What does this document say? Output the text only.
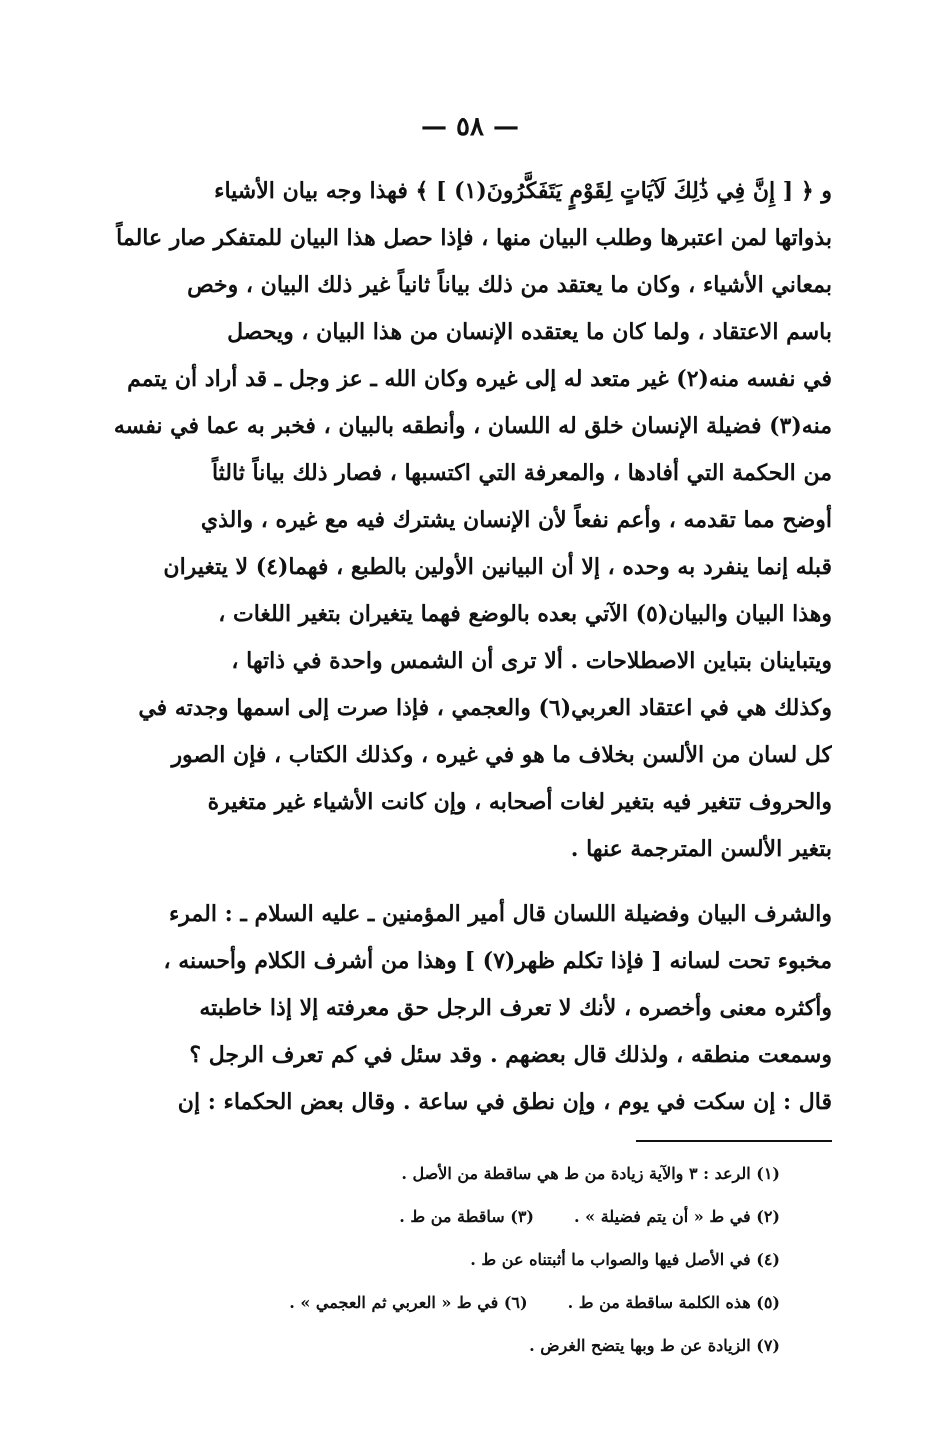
— ٥٨ —
و ﴿ [ إِنَّ فِي ذَٰلِكَ لَآيَاتٍ لِقَوْمٍ يَتَفَكَّرُونَ(١) ] ﴾ فهذا وجه بيان الأشياء
بذواتها لمن اعتبرها وطلب البيان منها ، فإذا حصل هذا البيان للمتفكر صار عالماً
بمعاني الأشياء ، وكان ما يعتقد من ذلك بياناً ثانياً غير ذلك البيان ، وخص
باسم الاعتقاد ، ولما كان ما يعتقده الإنسان من هذا البيان ، ويحصل
في نفسه منه(٢) غير متعد له إلى غيره وكان الله ـ عز وجل ـ قد أراد أن يتمم
منه(٣) فضيلة الإنسان خلق له اللسان ، وأنطقه بالبيان ، فخبر به عما في نفسه
من الحكمة التي أفادها ، والمعرفة التي اكتسبها ، فصار ذلك بياناً ثالثاً
أوضح مما تقدمه ، وأعم نفعاً لأن الإنسان يشترك فيه مع غيره ، والذي
قبله إنما ينفرد به وحده ، إلا أن البيانين الأولين بالطبع ، فهما(٤) لا يتغيران
وهذا البيان والبيان(٥) الآتي بعده بالوضع فهما يتغيران بتغير اللغات ،
ويتباينان بتباين الاصطلاحات . ألا ترى أن الشمس واحدة في ذاتها ،
وكذلك هي في اعتقاد العربي(٦) والعجمي ، فإذا صرت إلى اسمها وجدته في
كل لسان من الألسن بخلاف ما هو في غيره ، وكذلك الكتاب ، فإن الصور
والحروف تتغير فيه بتغير لغات أصحابه ، وإن كانت الأشياء غير متغيرة
بتغير الألسن المترجمة عنها .
والشرف البيان وفضيلة اللسان قال أمير المؤمنين ـ عليه السلام ـ : المرء
مخبوء تحت لسانه [ فإذا تكلم ظهر(٧) ] وهذا من أشرف الكلام وأحسنه ،
وأكثره معنى وأخصره ، لأنك لا تعرف الرجل حق معرفته إلا إذا خاطبته
وسمعت منطقه ، ولذلك قال بعضهم . وقد سئل في كم تعرف الرجل ؟
قال : إن سكت في يوم ، وإن نطق في ساعة . وقال بعض الحكماء : إن
(١) الرعد : ٣ والآية زيادة من ط هي ساقطة من الأصل .
(٢) في ط « أن يتم فضيلة » .
(٣) ساقطة من ط .
(٤) في الأصل فيها والصواب ما أثبتناه عن ط .
(٥) هذه الكلمة ساقطة من ط .
(٦) في ط « العربي ثم العجمي » .
(٧) الزيادة عن ط وبها يتضح الغرض .
